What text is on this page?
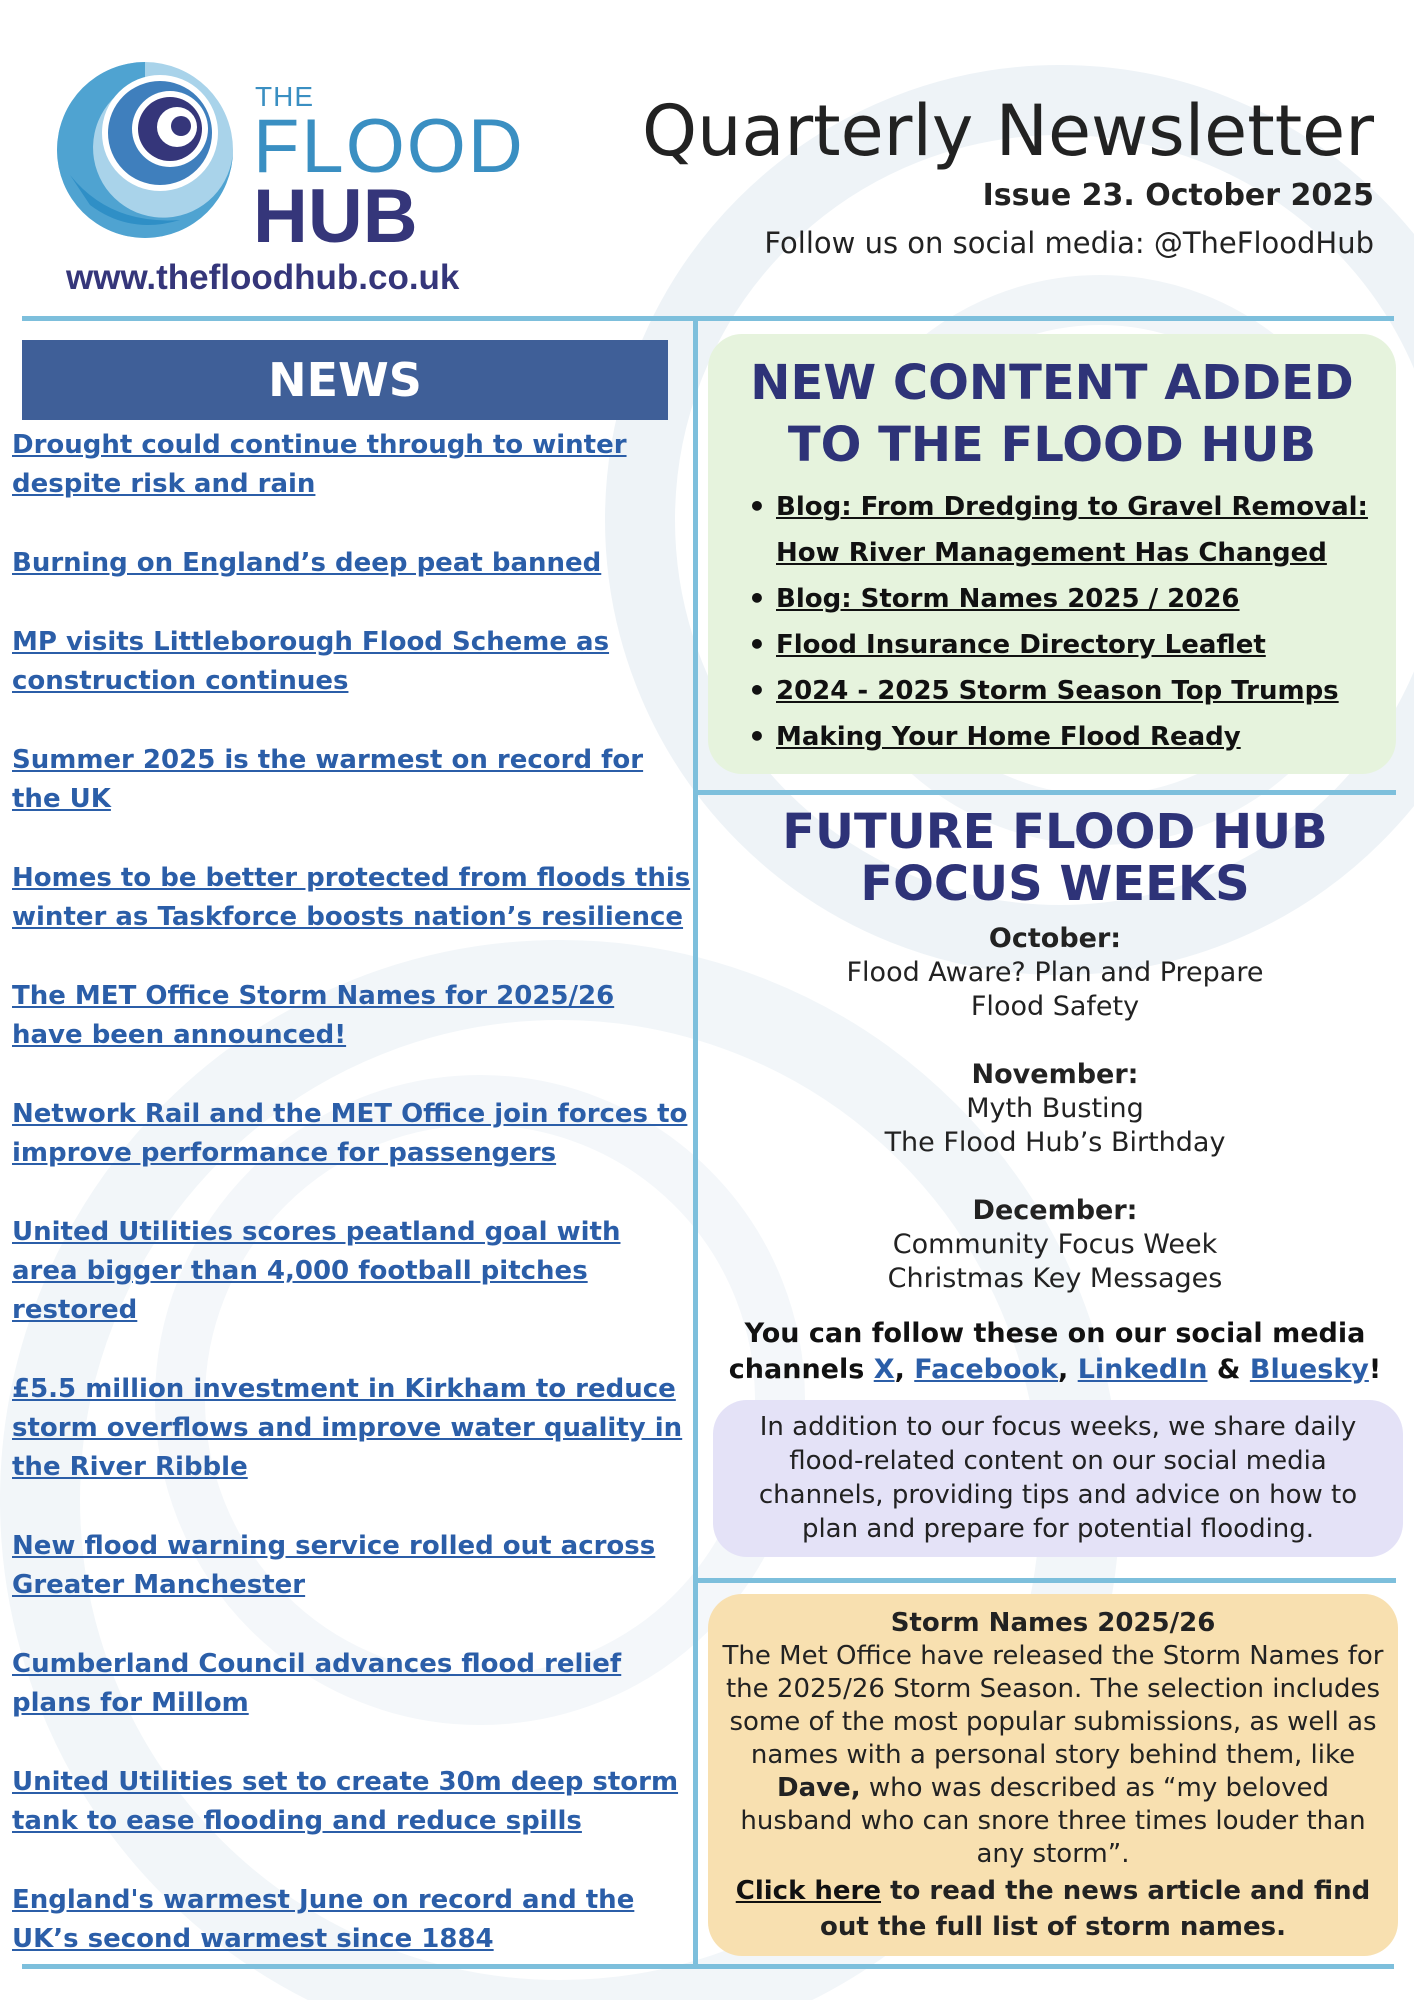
THE
FLOOD
HUB
www.thefloodhub.co.uk
Quarterly Newsletter
Issue 23. October 2025
Follow us on social media: @TheFloodHub
NEWS
Drought could continue through to winter despite risk and rain
Burning on England’s deep peat banned
MP visits Littleborough Flood Scheme as construction continues
Summer 2025 is the warmest on record for the UK
Homes to be better protected from floods this winter as Taskforce boosts nation’s resilience
The MET Office Storm Names for 2025/26 have been announced!
Network Rail and the MET Office join forces to improve performance for passengers
United Utilities scores peatland goal with area bigger than 4,000 football pitches restored
£5.5 million investment in Kirkham to reduce storm overflows and improve water quality in the River Ribble
New flood warning service rolled out across Greater Manchester
Cumberland Council advances flood relief plans for Millom
United Utilities set to create 30m deep storm tank to ease flooding and reduce spills
England's warmest June on record and the UK’s second warmest since 1884
NEW CONTENT ADDED
TO THE FLOOD HUB
• Blog: From Dredging to Gravel Removal: How River Management Has Changed
• Blog: Storm Names 2025 / 2026
• Flood Insurance Directory Leaflet
• 2024 - 2025 Storm Season Top Trumps
• Making Your Home Flood Ready
FUTURE FLOOD HUB
FOCUS WEEKS
October:
Flood Aware? Plan and Prepare
Flood Safety
November:
Myth Busting
The Flood Hub’s Birthday
December:
Community Focus Week
Christmas Key Messages
You can follow these on our social media
channels X, Facebook, LinkedIn & Bluesky!
In addition to our focus weeks, we share daily flood-related content on our social media channels, providing tips and advice on how to plan and prepare for potential flooding.
Storm Names 2025/26
The Met Office have released the Storm Names for the 2025/26 Storm Season. The selection includes some of the most popular submissions, as well as names with a personal story behind them, like Dave, who was described as “my beloved husband who can snore three times louder than any storm”.
Click here to read the news article and find out the full list of storm names.
